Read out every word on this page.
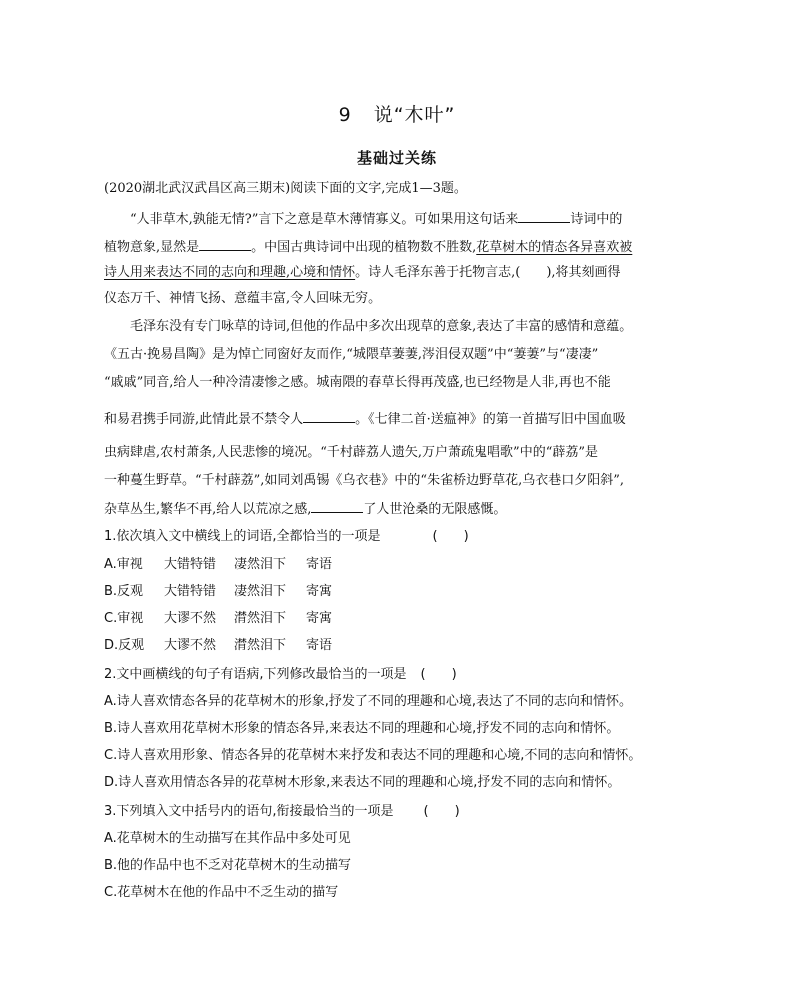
9 说“木叶”
基础过关练
(2020湖北武汉武昌区高三期末)阅读下面的文字,完成1—3题。
“人非草木,孰能无情?”言下之意是草木薄情寡义。可如果用这句话来	诗词中的
植物意象,显然是	。中国古典诗词中出现的植物数不胜数,花草树木的情态各异喜欢被
诗人用来表达不同的志向和理趣,心境和情怀。诗人毛泽东善于托物言志,(　　),将其刻画得
仪态万千、神情飞扬、意蕴丰富,令人回味无穷。
毛泽东没有专门咏草的诗词,但他的作品中多次出现草的意象,表达了丰富的感情和意蕴。
《五古·挽易昌陶》是为悼亡同窗好友而作,“城隈草萋萋,涔泪侵双题”中“萋萋”与“凄凄”
“戚戚”同音,给人一种冷清凄惨之感。城南隈的春草长得再茂盛,也已经物是人非,再也不能
和易君携手同游,此情此景不禁令人	。《七律二首·送瘟神》的第一首描写旧中国血吸
虫病肆虐,农村萧条,人民悲惨的境况。“千村薜荔人遗矢,万户萧疏鬼唱歌”中的“薜荔”是
一种蔓生野草。“千村薜荔”,如同刘禹锡《乌衣巷》中的“朱雀桥边野草花,乌衣巷口夕阳斜”,
杂草丛生,繁华不再,给人以荒凉之感,	了人世沧桑的无限感慨。
1.依次填入文中横线上的词语,全都恰当的一项是	(　　)
A.审视 大错特错 凄然泪下 寄语
B.反观 大错特错 凄然泪下 寄寓
C.审视 大谬不然 潸然泪下 寄寓
D.反观 大谬不然 潸然泪下 寄语
2.文中画横线的句子有语病,下列修改最恰当的一项是 (　　)
A.诗人喜欢情态各异的花草树木的形象,抒发了不同的理趣和心境,表达了不同的志向和情怀。
B.诗人喜欢用花草树木形象的情态各异,来表达不同的理趣和心境,抒发不同的志向和情怀。
C.诗人喜欢用形象、情态各异的花草树木来抒发和表达不同的理趣和心境,不同的志向和情怀。
D.诗人喜欢用情态各异的花草树木形象,来表达不同的理趣和心境,抒发不同的志向和情怀。
3.下列填入文中括号内的语句,衔接最恰当的一项是 (　　)
A.花草树木的生动描写在其作品中多处可见
B.他的作品中也不乏对花草树木的生动描写
C.花草树木在他的作品中不乏生动的描写
